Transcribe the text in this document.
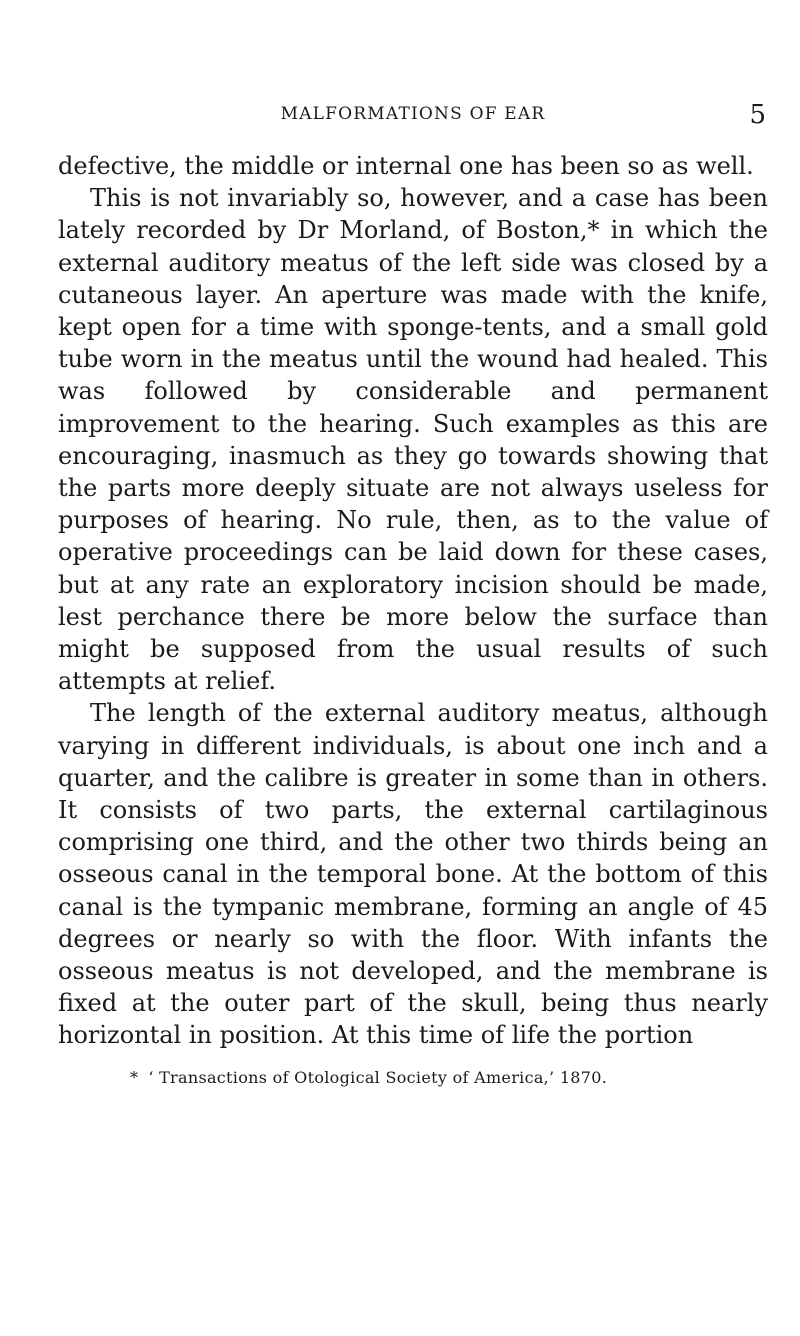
MALFORMATIONS OF EAR	5

defective, the middle or internal one has been so as well.

This is not invariably so, however, and a case has been lately recorded by Dr Morland, of Boston,* in which the external auditory meatus of the left side was closed by a cutaneous layer. An aperture was made with the knife, kept open for a time with sponge-tents, and a small gold tube worn in the meatus until the wound had healed. This was followed by considerable and permanent improvement to the hearing. Such examples as this are encouraging, inasmuch as they go towards showing that the parts more deeply situate are not always useless for purposes of hearing. No rule, then, as to the value of operative proceedings can be laid down for these cases, but at any rate an exploratory incision should be made, lest perchance there be more below the surface than might be supposed from the usual results of such attempts at relief.

The length of the external auditory meatus, although varying in different individuals, is about one inch and a quarter, and the calibre is greater in some than in others. It consists of two parts, the external cartilaginous comprising one third, and the other two thirds being an osseous canal in the temporal bone. At the bottom of this canal is the tympanic membrane, forming an angle of 45 degrees or nearly so with the floor. With infants the osseous meatus is not developed, and the membrane is fixed at the outer part of the skull, being thus nearly horizontal in position. At this time of life the portion

* ‘ Transactions of Otological Society of America,’ 1870.
